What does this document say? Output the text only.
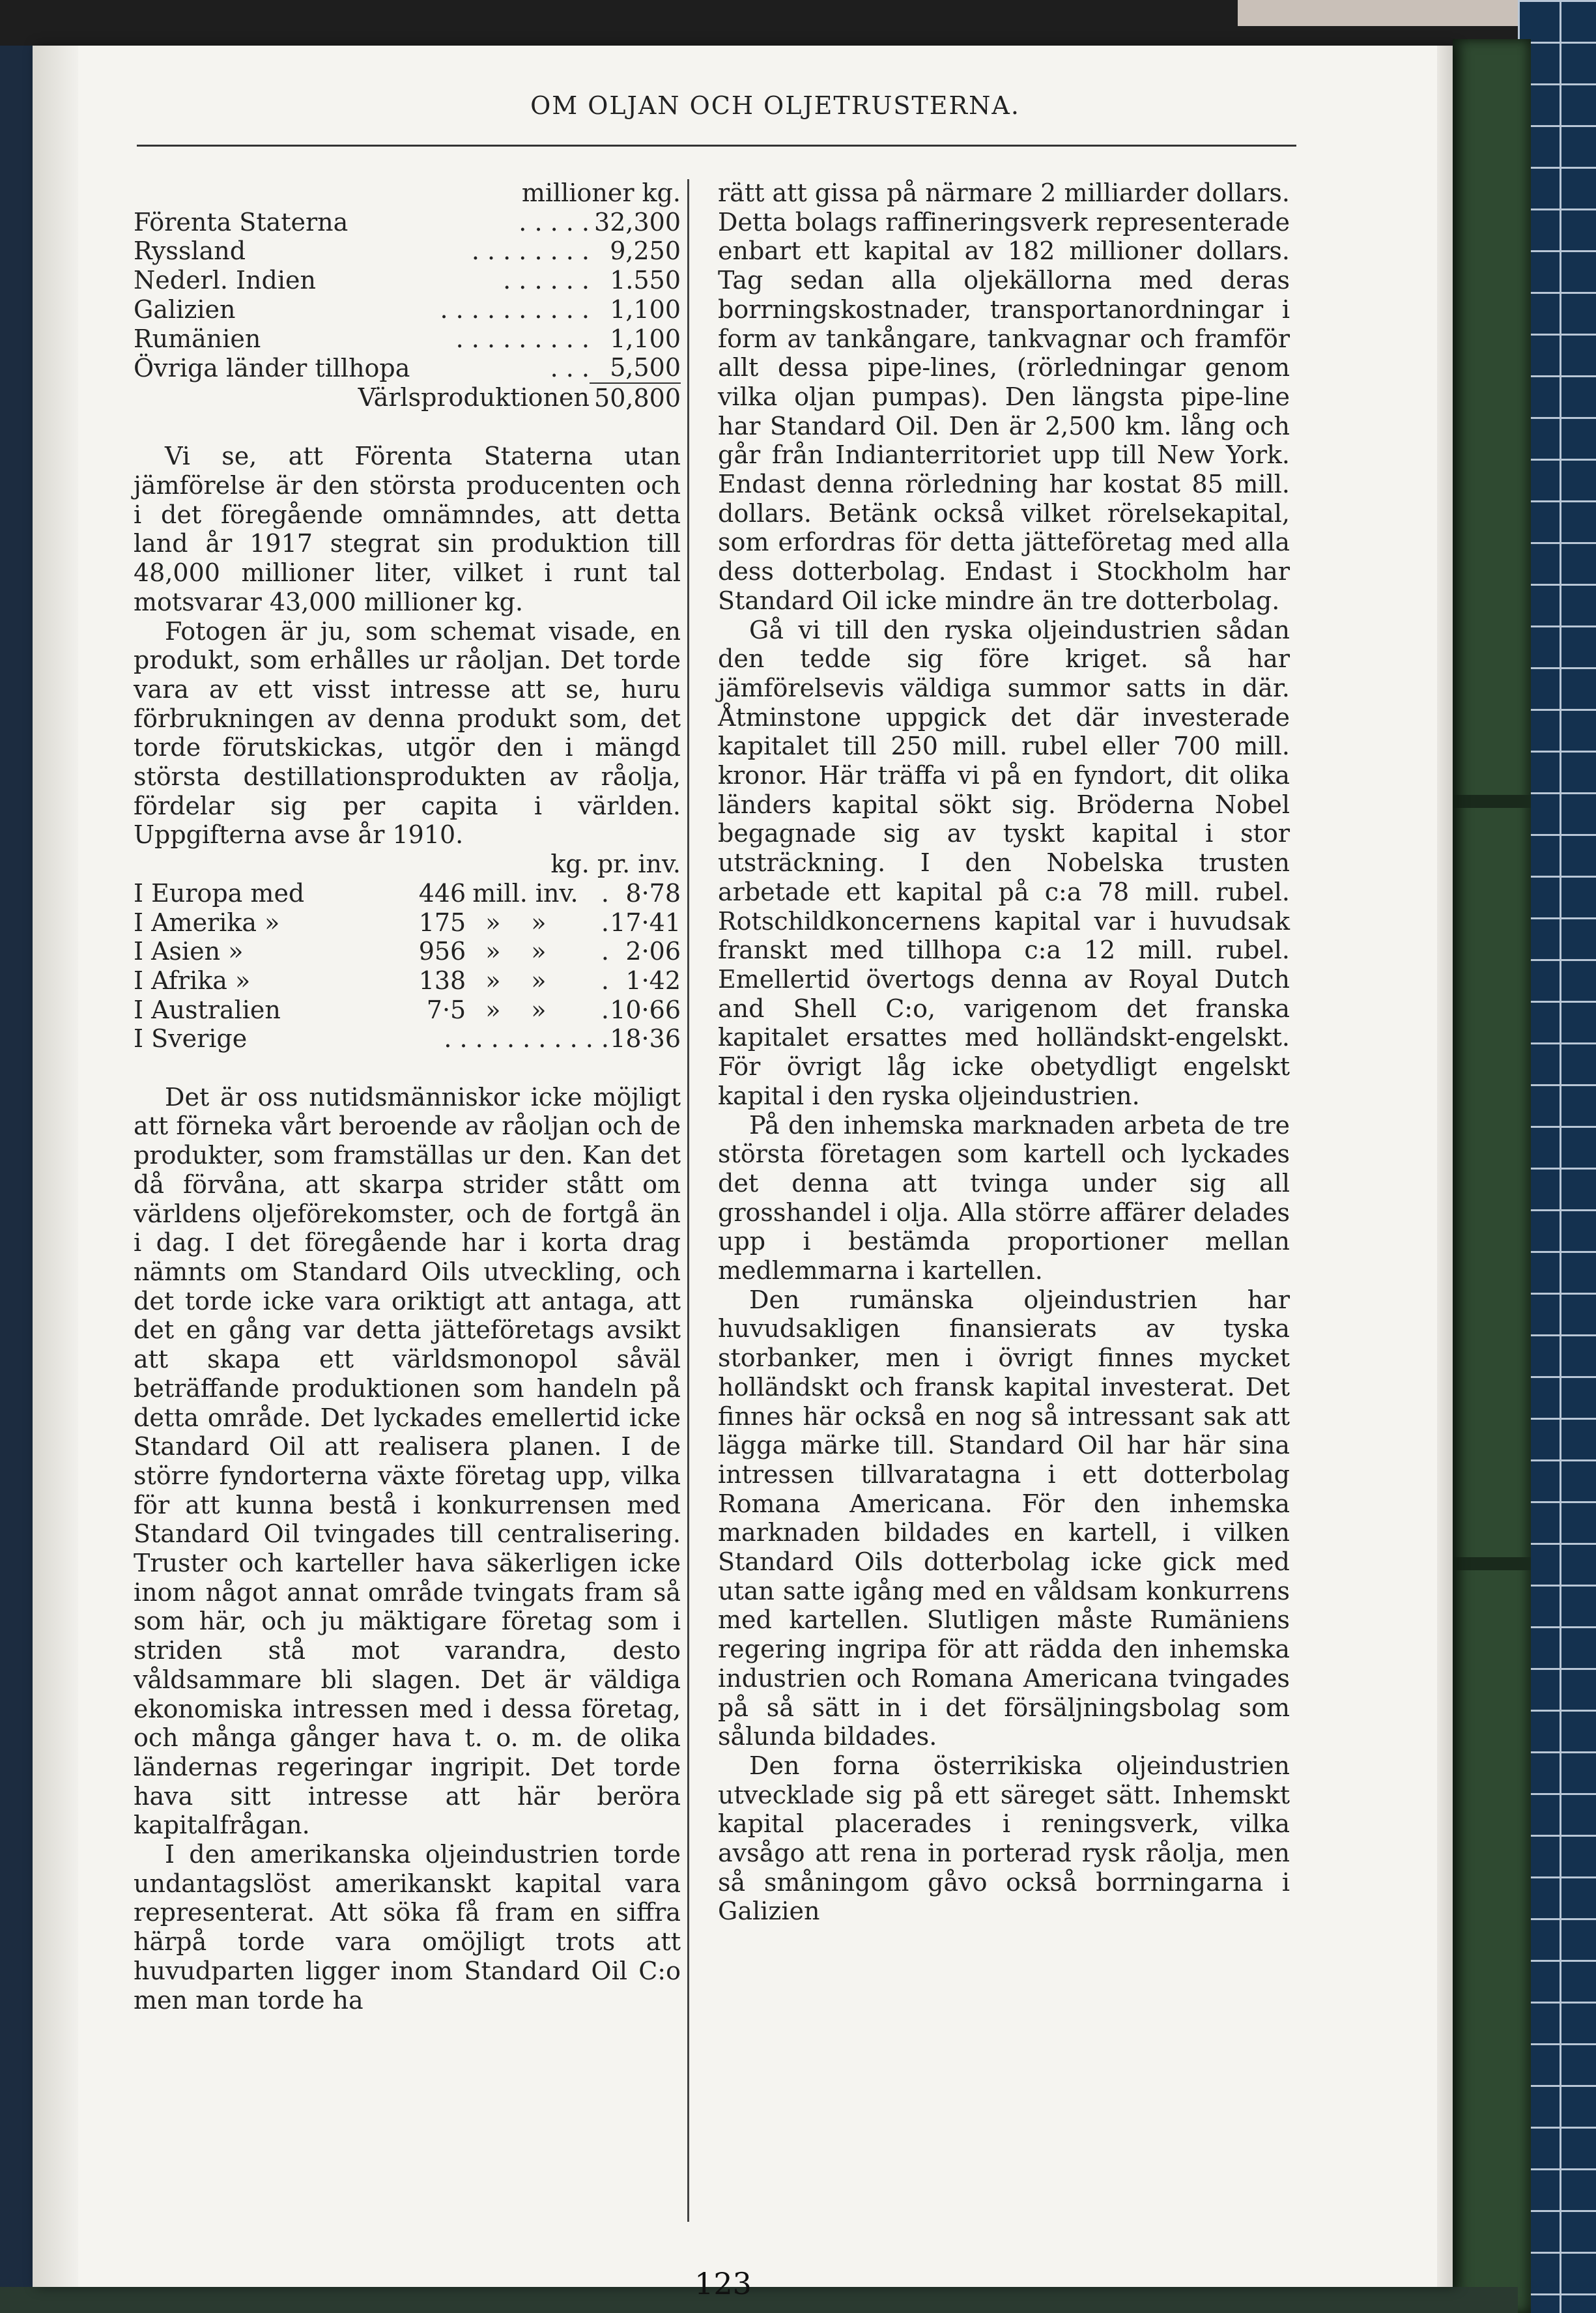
OM OLJAN OCH OLJETRUSTERNA.
millioner kg.		
Förenta Staterna	. . . . .	32,300
Ryssland	. . . . . . . .	9,250
Nederl. Indien	. . . . . .	1.550
Galizien	. . . . . . . . . .	1,100
Rumänien	. . . . . . . . .	1,100
Övriga länder tillhopa	. . .	5,500
Värlsproduktionen		50,800

Vi se, att Förenta Staterna utan jämförelse är den största producenten och i det föregående omnämndes, att detta land år 1917 stegrat sin produktion till 48,000 millioner liter, vilket i runt tal motsvarar 43,000 millioner kg.

Fotogen är ju, som schemat visade, en produkt, som erhålles ur råoljan. Det torde vara av ett visst intresse att se, huru förbrukningen av denna produkt som, det torde förutskickas, utgör den i mängd största destillationsprodukten av råolja, fördelar sig per capita i världen. Uppgifterna avse år 1910.

kg. pr. inv.						
I Europa med	446	mill. inv.			.	8·78
I Amerika »	175	»	»		.	17·41
I Asien »	956	»	»		.	2·06
I Afrika »	138	»	»		.	1·42
I Australien	7·5	»	»		.	10·66
I Sverige	. . . . . . . . . . .					18·36

Det är oss nutidsmänniskor icke möjligt att förneka vårt beroende av råoljan och de produkter, som framställas ur den. Kan det då förvåna, att skarpa strider stått om världens oljeförekomster, och de fortgå än i dag. I det föregående har i korta drag nämnts om Standard Oils utveckling, och det torde icke vara oriktigt att antaga, att det en gång var detta jätteföretags avsikt att skapa ett världsmonopol såväl beträffande produktionen som handeln på detta område. Det lyckades emellertid icke Standard Oil att realisera planen. I de större fyndorterna växte företag upp, vilka för att kunna bestå i konkurrensen med Standard Oil tvingades till centralisering. Truster och karteller hava säkerligen icke inom något annat område tvingats fram så som här, och ju mäktigare företag som i striden stå mot varandra, desto våldsammare bli slagen. Det är väldiga ekonomiska intressen med i dessa företag, och många gånger hava t. o. m. de olika ländernas regeringar ingripit. Det torde hava sitt intresse att här beröra kapitalfrågan.

I den amerikanska oljeindustrien torde undantagslöst amerikanskt kapital vara representerat. Att söka få fram en siffra härpå torde vara omöjligt trots att huvudparten ligger inom Standard Oil C:o men man torde ha

rätt att gissa på närmare 2 milliarder dollars. Detta bolags raffineringsverk representerade enbart ett kapital av 182 millioner dollars. Tag sedan alla oljekällorna med deras borrningskostnader, transportanordningar i form av tankångare, tankvagnar och framför allt dessa pipe-lines, (rörledningar genom vilka oljan pumpas). Den längsta pipe-line har Standard Oil. Den är 2,500 km. lång och går från Indianterritoriet upp till New York. Endast denna rörledning har kostat 85 mill. dollars. Betänk också vilket rörelsekapital, som erfordras för detta jätteföretag med alla dess dotterbolag. Endast i Stockholm har Standard Oil icke mindre än tre dotterbolag.

Gå vi till den ryska oljeindustrien sådan den tedde sig före kriget. så har jämförelsevis väldiga summor satts in där. Åtminstone uppgick det där investerade kapitalet till 250 mill. rubel eller 700 mill. kronor. Här träffa vi på en fyndort, dit olika länders kapital sökt sig. Bröderna Nobel begagnade sig av tyskt kapital i stor utsträckning. I den Nobelska trusten arbetade ett kapital på c:a 78 mill. rubel. Rotschildkoncernens kapital var i huvudsak franskt med tillhopa c:a 12 mill. rubel. Emellertid övertogs denna av Royal Dutch and Shell C:o, varigenom det franska kapitalet ersattes med holländskt-engelskt. För övrigt låg icke obetydligt engelskt kapital i den ryska oljeindustrien.

På den inhemska marknaden arbeta de tre största företagen som kartell och lyckades det denna att tvinga under sig all grosshandel i olja. Alla större affärer delades upp i bestämda proportioner mellan medlemmarna i kartellen.

Den rumänska oljeindustrien har huvudsakligen finansierats av tyska storbanker, men i övrigt finnes mycket holländskt och fransk kapital investerat. Det finnes här också en nog så intressant sak att lägga märke till. Standard Oil har här sina intressen tillvaratagna i ett dotterbolag Romana Americana. För den inhemska marknaden bildades en kartell, i vilken Standard Oils dotterbolag icke gick med utan satte igång med en våldsam konkurrens med kartellen. Slutligen måste Rumäniens regering ingripa för att rädda den inhemska industrien och Romana Americana tvingades på så sätt in i det försäljningsbolag som sålunda bildades.

Den forna österrikiska oljeindustrien utvecklade sig på ett säreget sätt. Inhemskt kapital placerades i reningsverk, vilka avsågo att rena in porterad rysk råolja, men så småningom gåvo också borrningarna i Galizien

123
